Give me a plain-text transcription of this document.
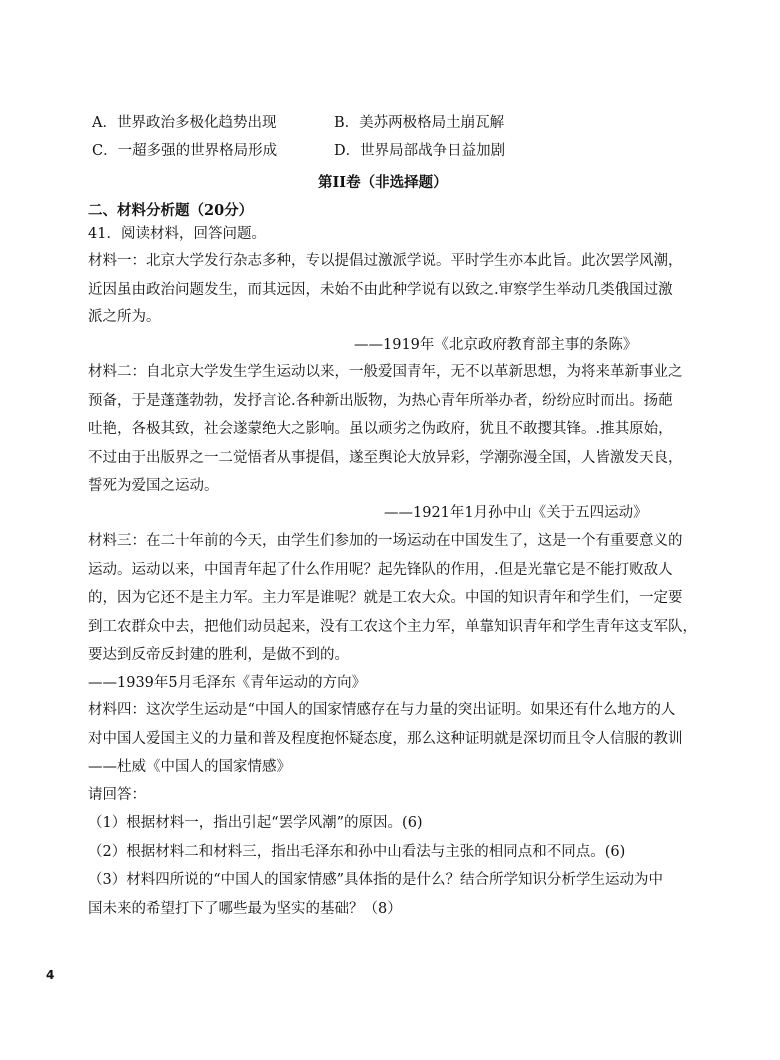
A．世界政治多极化趋势出现	B．美苏两极格局土崩瓦解
C．一超多强的世界格局形成	D．世界局部战争日益加剧
第II卷（非选择题）
二、材料分析题（20分）
41．阅读材料，回答问题。
材料一：北京大学发行杂志多种，专以提倡过激派学说。平时学生亦本此旨。此次罢学风潮，
近因虽由政治问题发生，而其远因，未始不由此种学说有以致之.审察学生举动几类俄国过激
派之所为。
——1919年《北京政府教育部主事的条陈》
材料二：自北京大学发生学生运动以来，一般爱国青年，无不以革新思想，为将来革新事业之
预备，于是蓬蓬勃勃，发抒言论.各种新出版物，为热心青年所举办者，纷纷应时而出。扬葩
吐艳，各极其致，社会遂蒙绝大之影响。虽以顽劣之伪政府，犹且不敢撄其锋。.推其原始，
不过由于出版界之一二觉悟者从事提倡，遂至舆论大放异彩，学潮弥漫全国，人皆激发天良，
誓死为爱国之运动。
——1921年1月孙中山《关于五四运动》
材料三：在二十年前的今天，由学生们参加的一场运动在中国发生了，这是一个有重要意义的
运动。运动以来，中国青年起了什么作用呢？起先锋队的作用，.但是光靠它是不能打败敌人
的，因为它还不是主力军。主力军是谁呢？就是工农大众。中国的知识青年和学生们，一定要
到工农群众中去，把他们动员起来，没有工农这个主力军，单靠知识青年和学生青年这支军队，
要达到反帝反封建的胜利，是做不到的。
——1939年5月毛泽东《青年运动的方向》
材料四：这次学生运动是“中国人的国家情感存在与力量的突出证明。如果还有什么地方的人
对中国人爱国主义的力量和普及程度抱怀疑态度，那么这种证明就是深切而且令人信服的教训
——杜威《中国人的国家情感》
请回答：
（1）根据材料一，指出引起“罢学风潮”的原因。(6)
（2）根据材料二和材料三，指出毛泽东和孙中山看法与主张的相同点和不同点。(6)
（3）材料四所说的“中国人的国家情感”具体指的是什么？结合所学知识分析学生运动为中
国未来的希望打下了哪些最为坚实的基础？（8）
4
